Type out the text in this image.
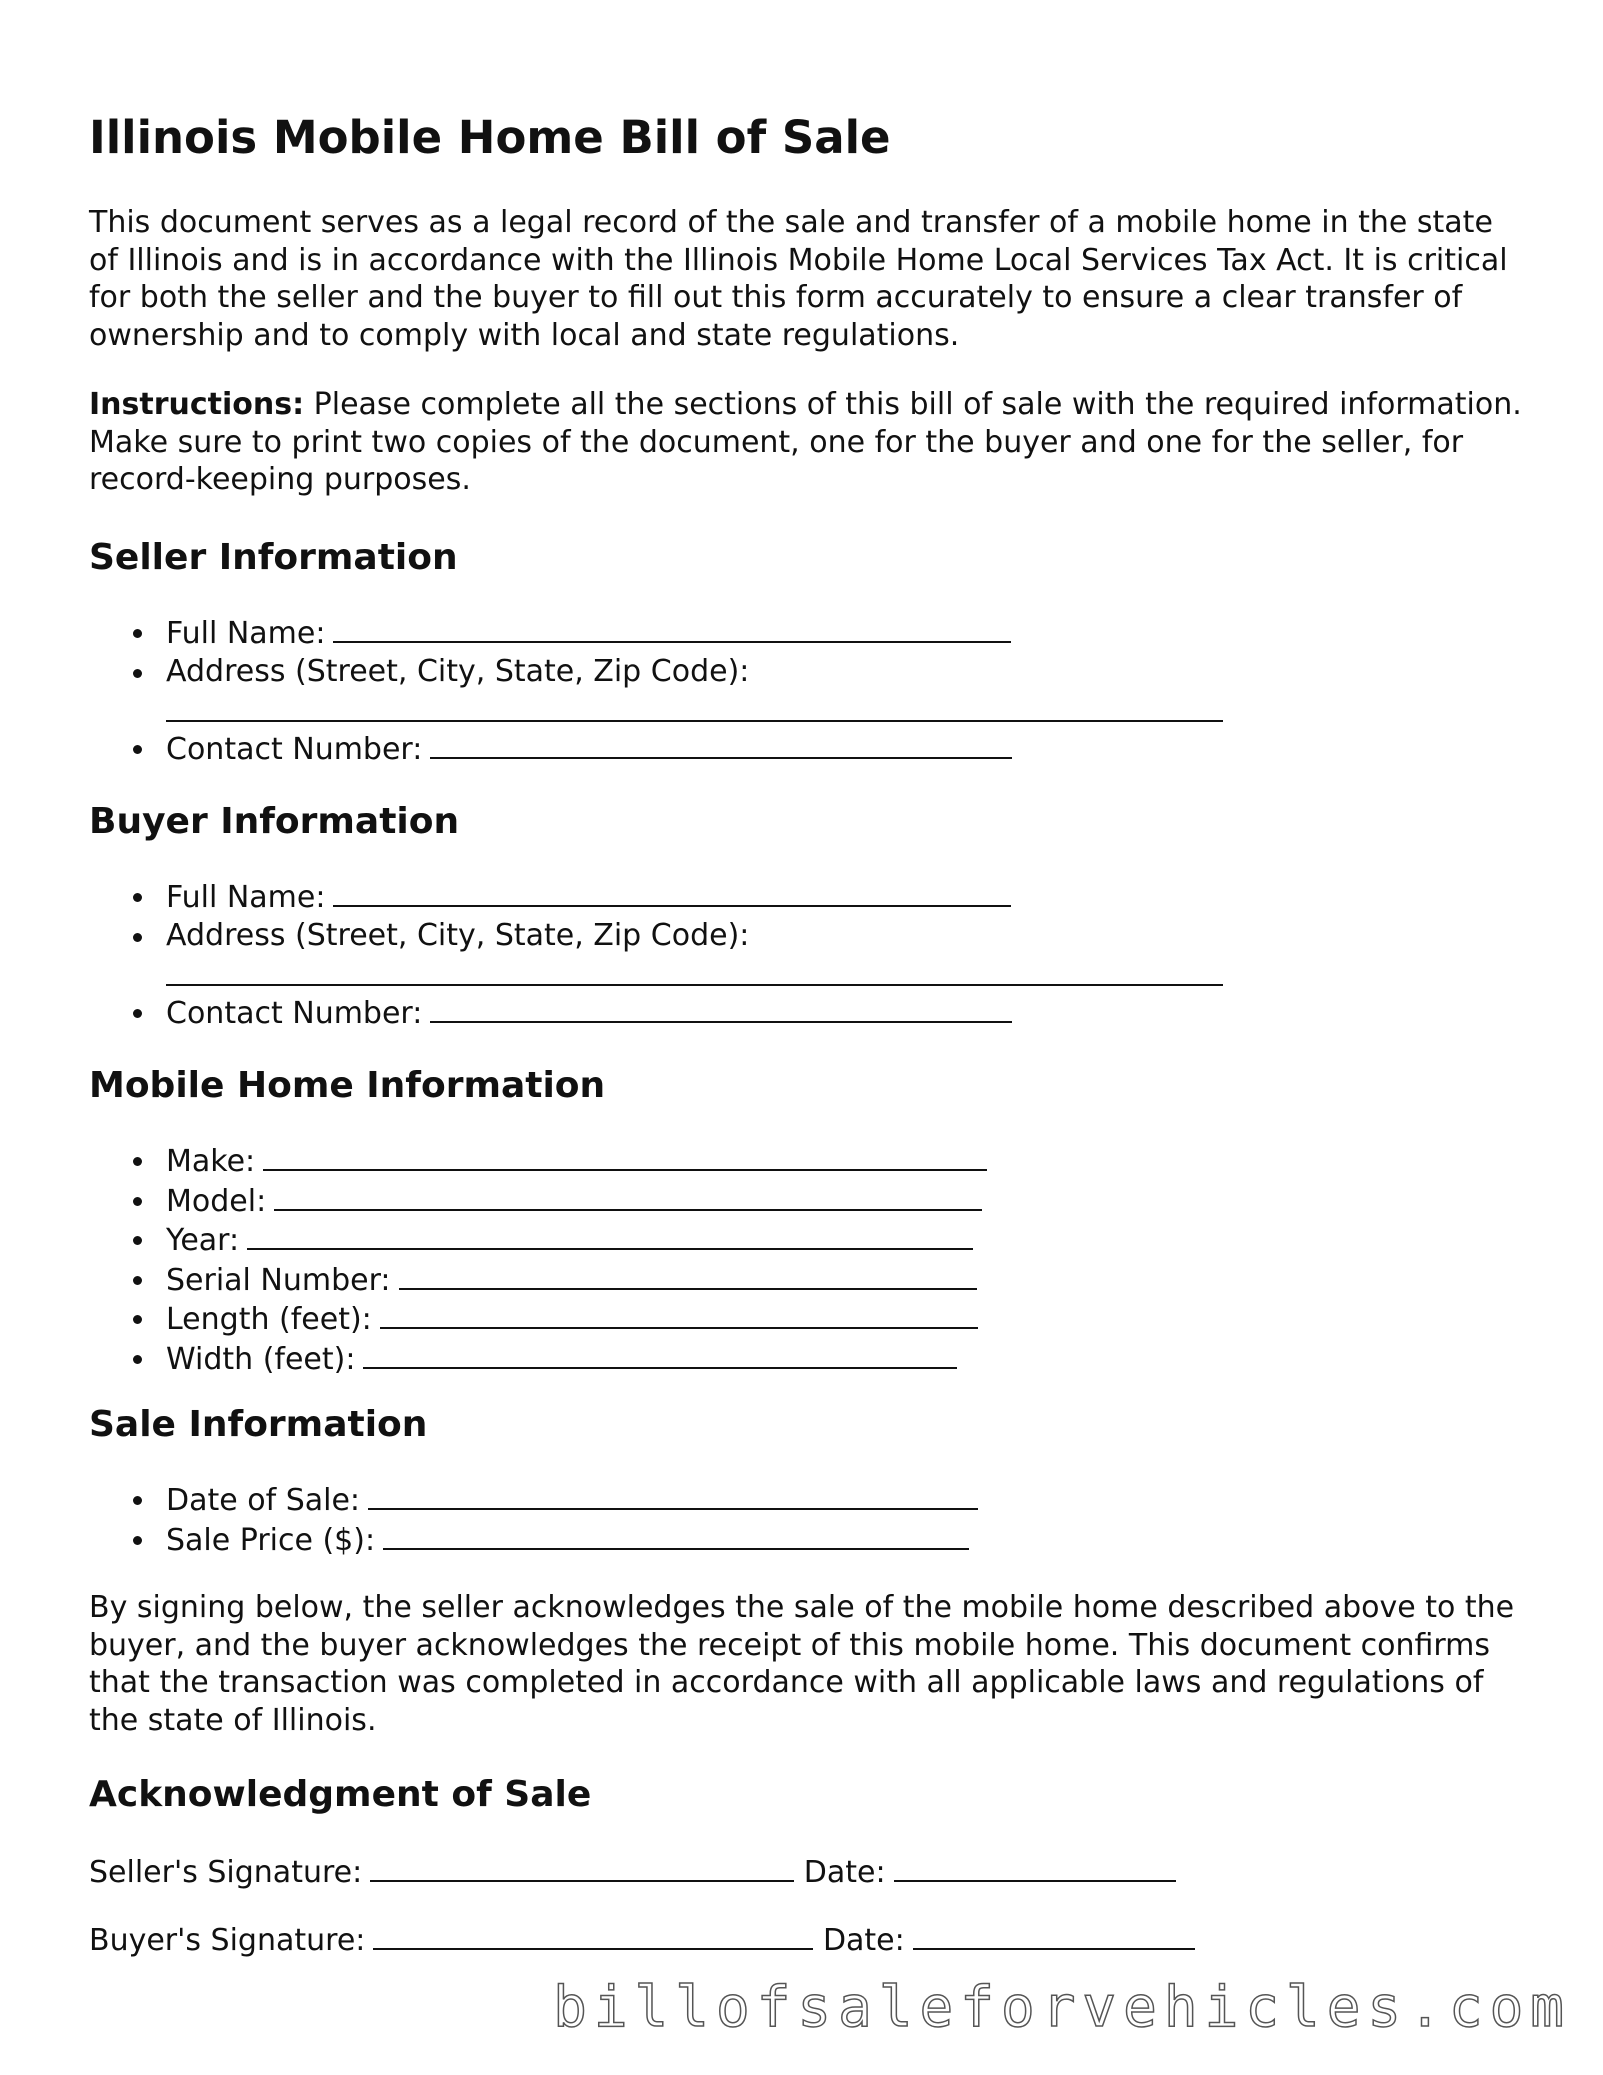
Illinois Mobile Home Bill of Sale

This document serves as a legal record of the sale and transfer of a mobile home in the state of Illinois and is in accordance with the Illinois Mobile Home Local Services Tax Act. It is critical for both the seller and the buyer to fill out this form accurately to ensure a clear transfer of ownership and to comply with local and state regulations.

Instructions: Please complete all the sections of this bill of sale with the required information. Make sure to print two copies of the document, one for the buyer and one for the seller, for record-keeping purposes.

Seller Information
Full Name:
Address (Street, City, State, Zip Code):
Contact Number:
Buyer Information
Full Name:
Address (Street, City, State, Zip Code):
Contact Number:
Mobile Home Information
Make:
Model:
Year:
Serial Number:
Length (feet):
Width (feet):
Sale Information
Date of Sale:
Sale Price ($):

By signing below, the seller acknowledges the sale of the mobile home described above to the buyer, and the buyer acknowledges the receipt of this mobile home. This document confirms that the transaction was completed in accordance with all applicable laws and regulations of the state of Illinois.

Acknowledgment of Sale
Seller's Signature:	Date:
Buyer's Signature:	Date:
billofsaleforvehicles.com
